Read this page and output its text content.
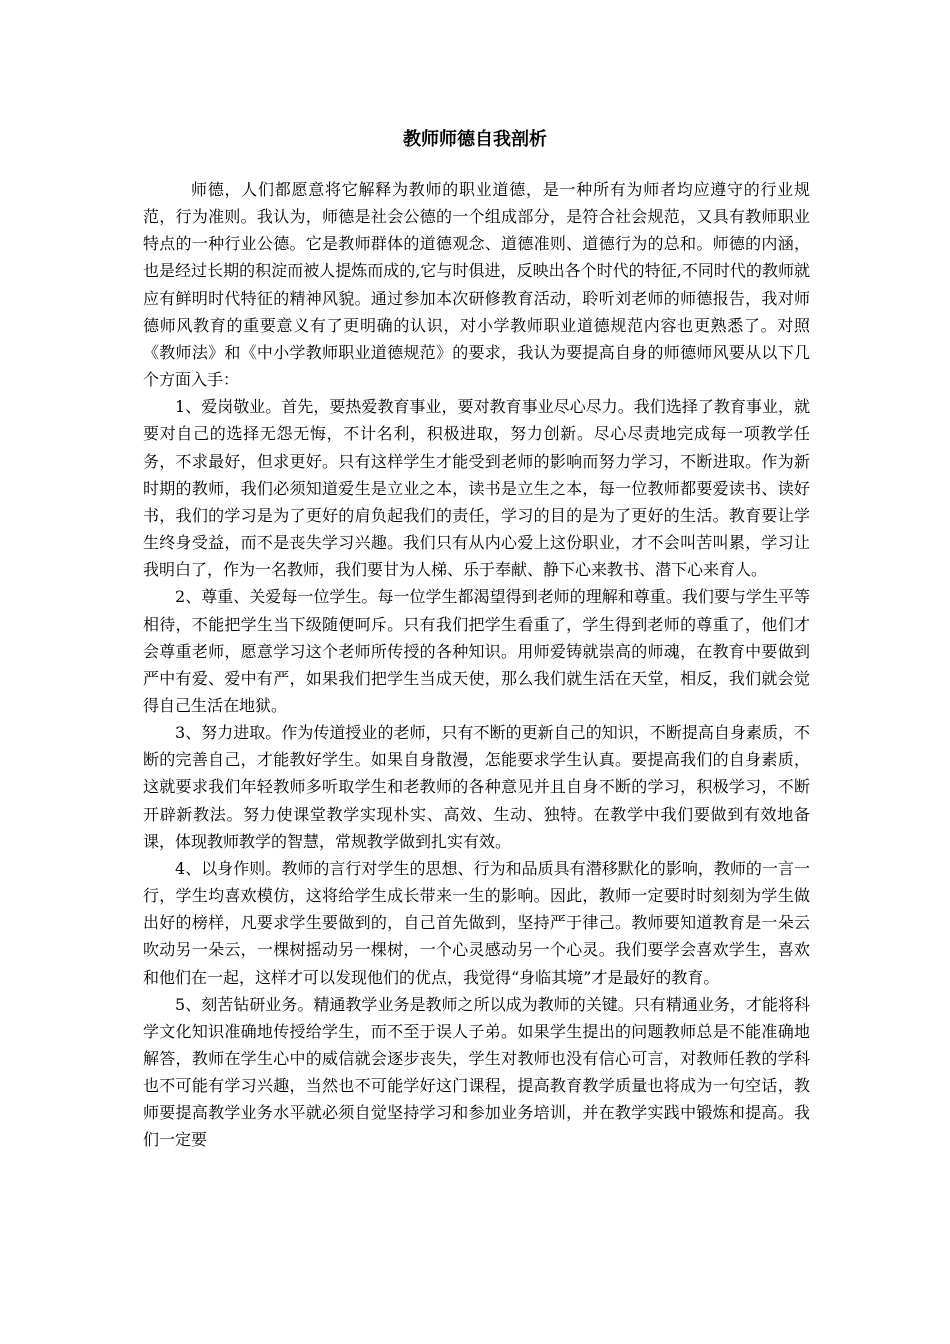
教师师德自我剖析

师德，人们都愿意将它解释为教师的职业道德，是一种所有为师者均应遵守的行业规范，行为准则。我认为，师德是社会公德的一个组成部分，是符合社会规范，又具有教师职业特点的一种行业公德。它是教师群体的道德观念、道德准则、道德行为的总和。师德的内涵，也是经过长期的积淀而被人提炼而成的,它与时俱进，反映出各个时代的特征,不同时代的教师就应有鲜明时代特征的精神风貌。通过参加本次研修教育活动，聆听刘老师的师德报告，我对师德师风教育的重要意义有了更明确的认识，对小学教师职业道德规范内容也更熟悉了。对照《教师法》和《中小学教师职业道德规范》的要求，我认为要提高自身的师德师风要从以下几个方面入手：

1、爱岗敬业。首先，要热爱教育事业，要对教育事业尽心尽力。我们选择了教育事业，就要对自己的选择无怨无悔，不计名利，积极进取，努力创新。尽心尽责地完成每一项教学任务，不求最好，但求更好。只有这样学生才能受到老师的影响而努力学习，不断进取。作为新时期的教师，我们必须知道爱生是立业之本，读书是立生之本，每一位教师都要爱读书、读好书，我们的学习是为了更好的肩负起我们的责任，学习的目的是为了更好的生活。教育要让学生终身受益，而不是丧失学习兴趣。我们只有从内心爱上这份职业，才不会叫苦叫累，学习让我明白了，作为一名教师，我们要甘为人梯、乐于奉献、静下心来教书、潜下心来育人。

2、尊重、关爱每一位学生。每一位学生都渴望得到老师的理解和尊重。我们要与学生平等相待，不能把学生当下级随便呵斥。只有我们把学生看重了，学生得到老师的尊重了，他们才会尊重老师，愿意学习这个老师所传授的各种知识。用师爱铸就崇高的师魂，在教育中要做到严中有爱、爱中有严，如果我们把学生当成天使，那么我们就生活在天堂，相反，我们就会觉得自己生活在地狱。

3、努力进取。作为传道授业的老师，只有不断的更新自己的知识，不断提高自身素质，不断的完善自己，才能教好学生。如果自身散漫，怎能要求学生认真。要提高我们的自身素质，这就要求我们年轻教师多听取学生和老教师的各种意见并且自身不断的学习，积极学习，不断开辟新教法。努力使课堂教学实现朴实、高效、生动、独特。在教学中我们要做到有效地备课，体现教师教学的智慧，常规教学做到扎实有效。

4、以身作则。教师的言行对学生的思想、行为和品质具有潜移默化的影响，教师的一言一行，学生均喜欢模仿，这将给学生成长带来一生的影响。因此，教师一定要时时刻刻为学生做出好的榜样，凡要求学生要做到的，自己首先做到，坚持严于律己。教师要知道教育是一朵云吹动另一朵云，一棵树摇动另一棵树，一个心灵感动另一个心灵。我们要学会喜欢学生，喜欢和他们在一起，这样才可以发现他们的优点，我觉得“身临其境”才是最好的教育。

5、刻苦钻研业务。精通教学业务是教师之所以成为教师的关键。只有精通业务，才能将科学文化知识准确地传授给学生，而不至于误人子弟。如果学生提出的问题教师总是不能准确地解答，教师在学生心中的威信就会逐步丧失，学生对教师也没有信心可言，对教师任教的学科也不可能有学习兴趣，当然也不可能学好这门课程，提高教育教学质量也将成为一句空话，教师要提高教学业务水平就必须自觉坚持学习和参加业务培训，并在教学实践中锻炼和提高。我们一定要
